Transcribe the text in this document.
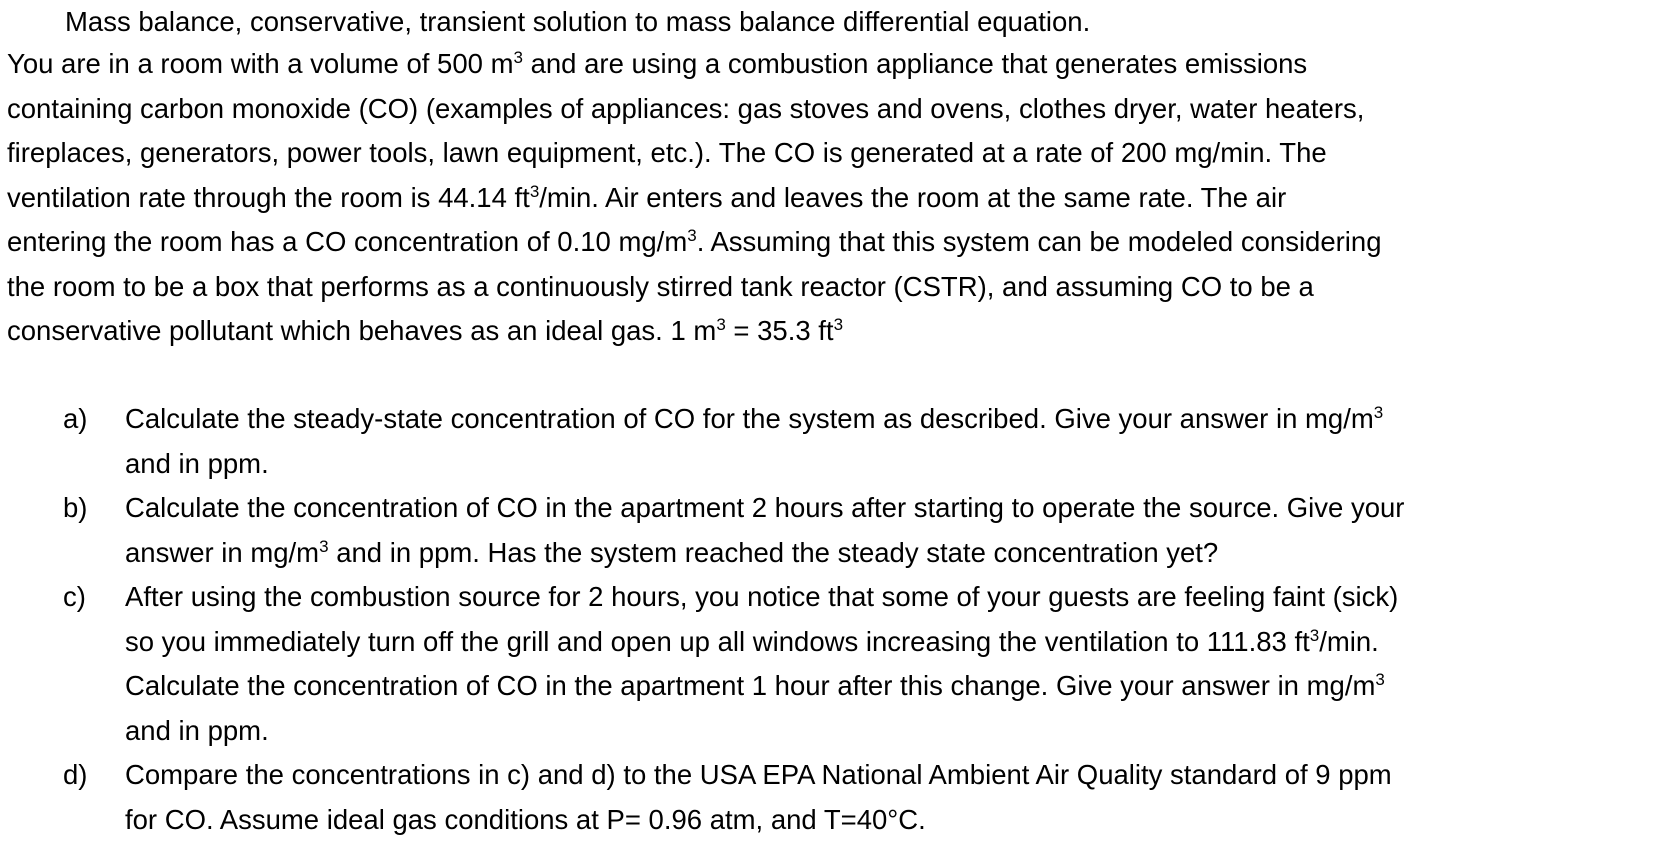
Mass balance, conservative, transient solution to mass balance differential equation.
You are in a room with a volume of 500 $m^3$ and are using a combustion appliance that generates emissions
containing carbon monoxide (CO) (examples of appliances: gas stoves and ovens, clothes dryer, water heaters,
fireplaces, generators, power tools, lawn equipment, etc.). The CO is generated at a rate of 200 mg/min. The
ventilation rate through the room is 44.14 $ft^3/\min$. Air enters and leaves the room at the same rate. The air
entering the room has a CO concentration of 0.10 $mg/m^3$. Assuming that this system can be modeled considering
the room to be a box that performs as a continuously stirred tank reactor (CSTR), and assuming CO to be a
conservative pollutant which behaves as an ideal gas. 1 $m^3 = 35.3$ $ft^3$
a) Calculate the steady-state concentration of CO for the system as described. Give your answer in $mg/m^3$
and in ppm.
b) Calculate the concentration of CO in the apartment 2 hours after starting to operate the source. Give your
answer in $mg/m^3$ and in ppm. Has the system reached the steady state concentration yet?
c) After using the combustion source for 2 hours, you notice that some of your guests are feeling faint (sick)
so you immediately turn off the grill and open up all windows increasing the ventilation to 111.83 $ft^3/\min$.
Calculate the concentration of CO in the apartment 1 hour after this change. Give your answer in $mg/m^3$
and in ppm.
d) Compare the concentrations in c) and d) to the USA EPA National Ambient Air Quality standard of 9 ppm
for CO. Assume ideal gas conditions at P= 0.96 atm, and T=40°C.
